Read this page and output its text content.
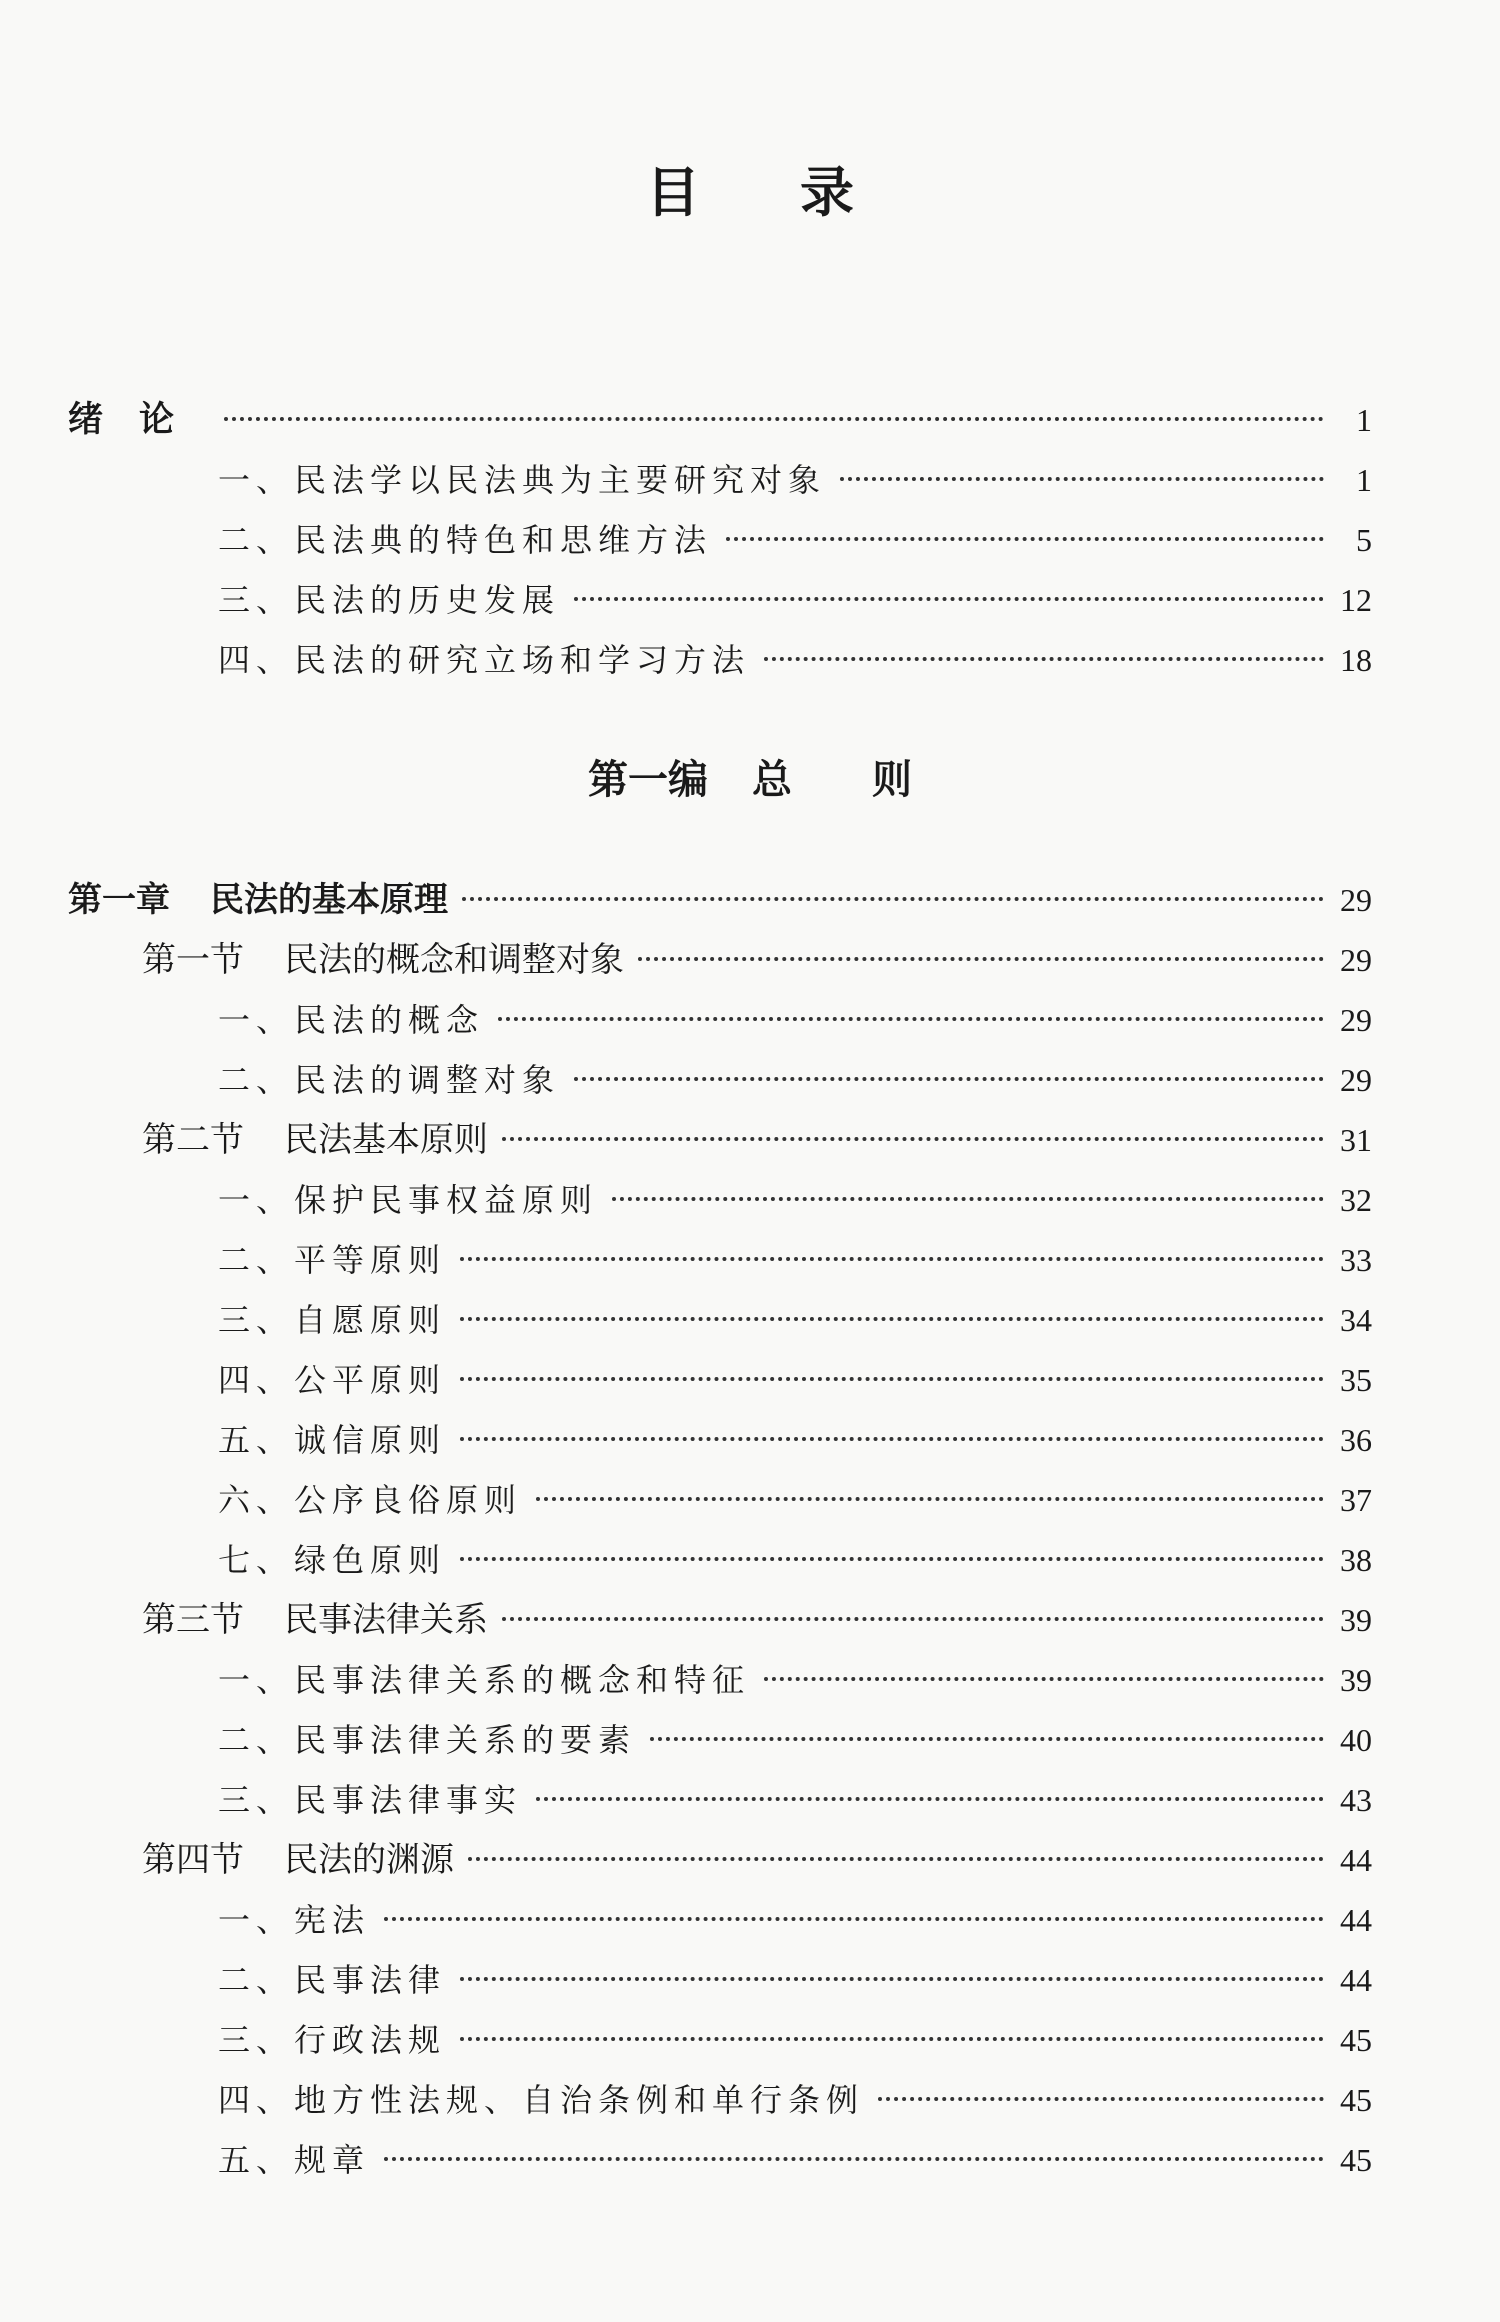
目录
第一编 总 则
绪论	1
一、民法学以民法典为主要研究对象	1
二、民法典的特色和思维方法	5
三、民法的历史发展	12
四、民法的研究立场和学习方法	18
第一章 民法的基本原理	29
第一节 民法的概念和调整对象	29
一、民法的概念	29
二、民法的调整对象	29
第二节 民法基本原则	31
一、保护民事权益原则	32
二、平等原则	33
三、自愿原则	34
四、公平原则	35
五、诚信原则	36
六、公序良俗原则	37
七、绿色原则	38
第三节 民事法律关系	39
一、民事法律关系的概念和特征	39
二、民事法律关系的要素	40
三、民事法律事实	43
第四节 民法的渊源	44
一、宪法	44
二、民事法律	44
三、行政法规	45
四、地方性法规、自治条例和单行条例	45
五、规章	45
